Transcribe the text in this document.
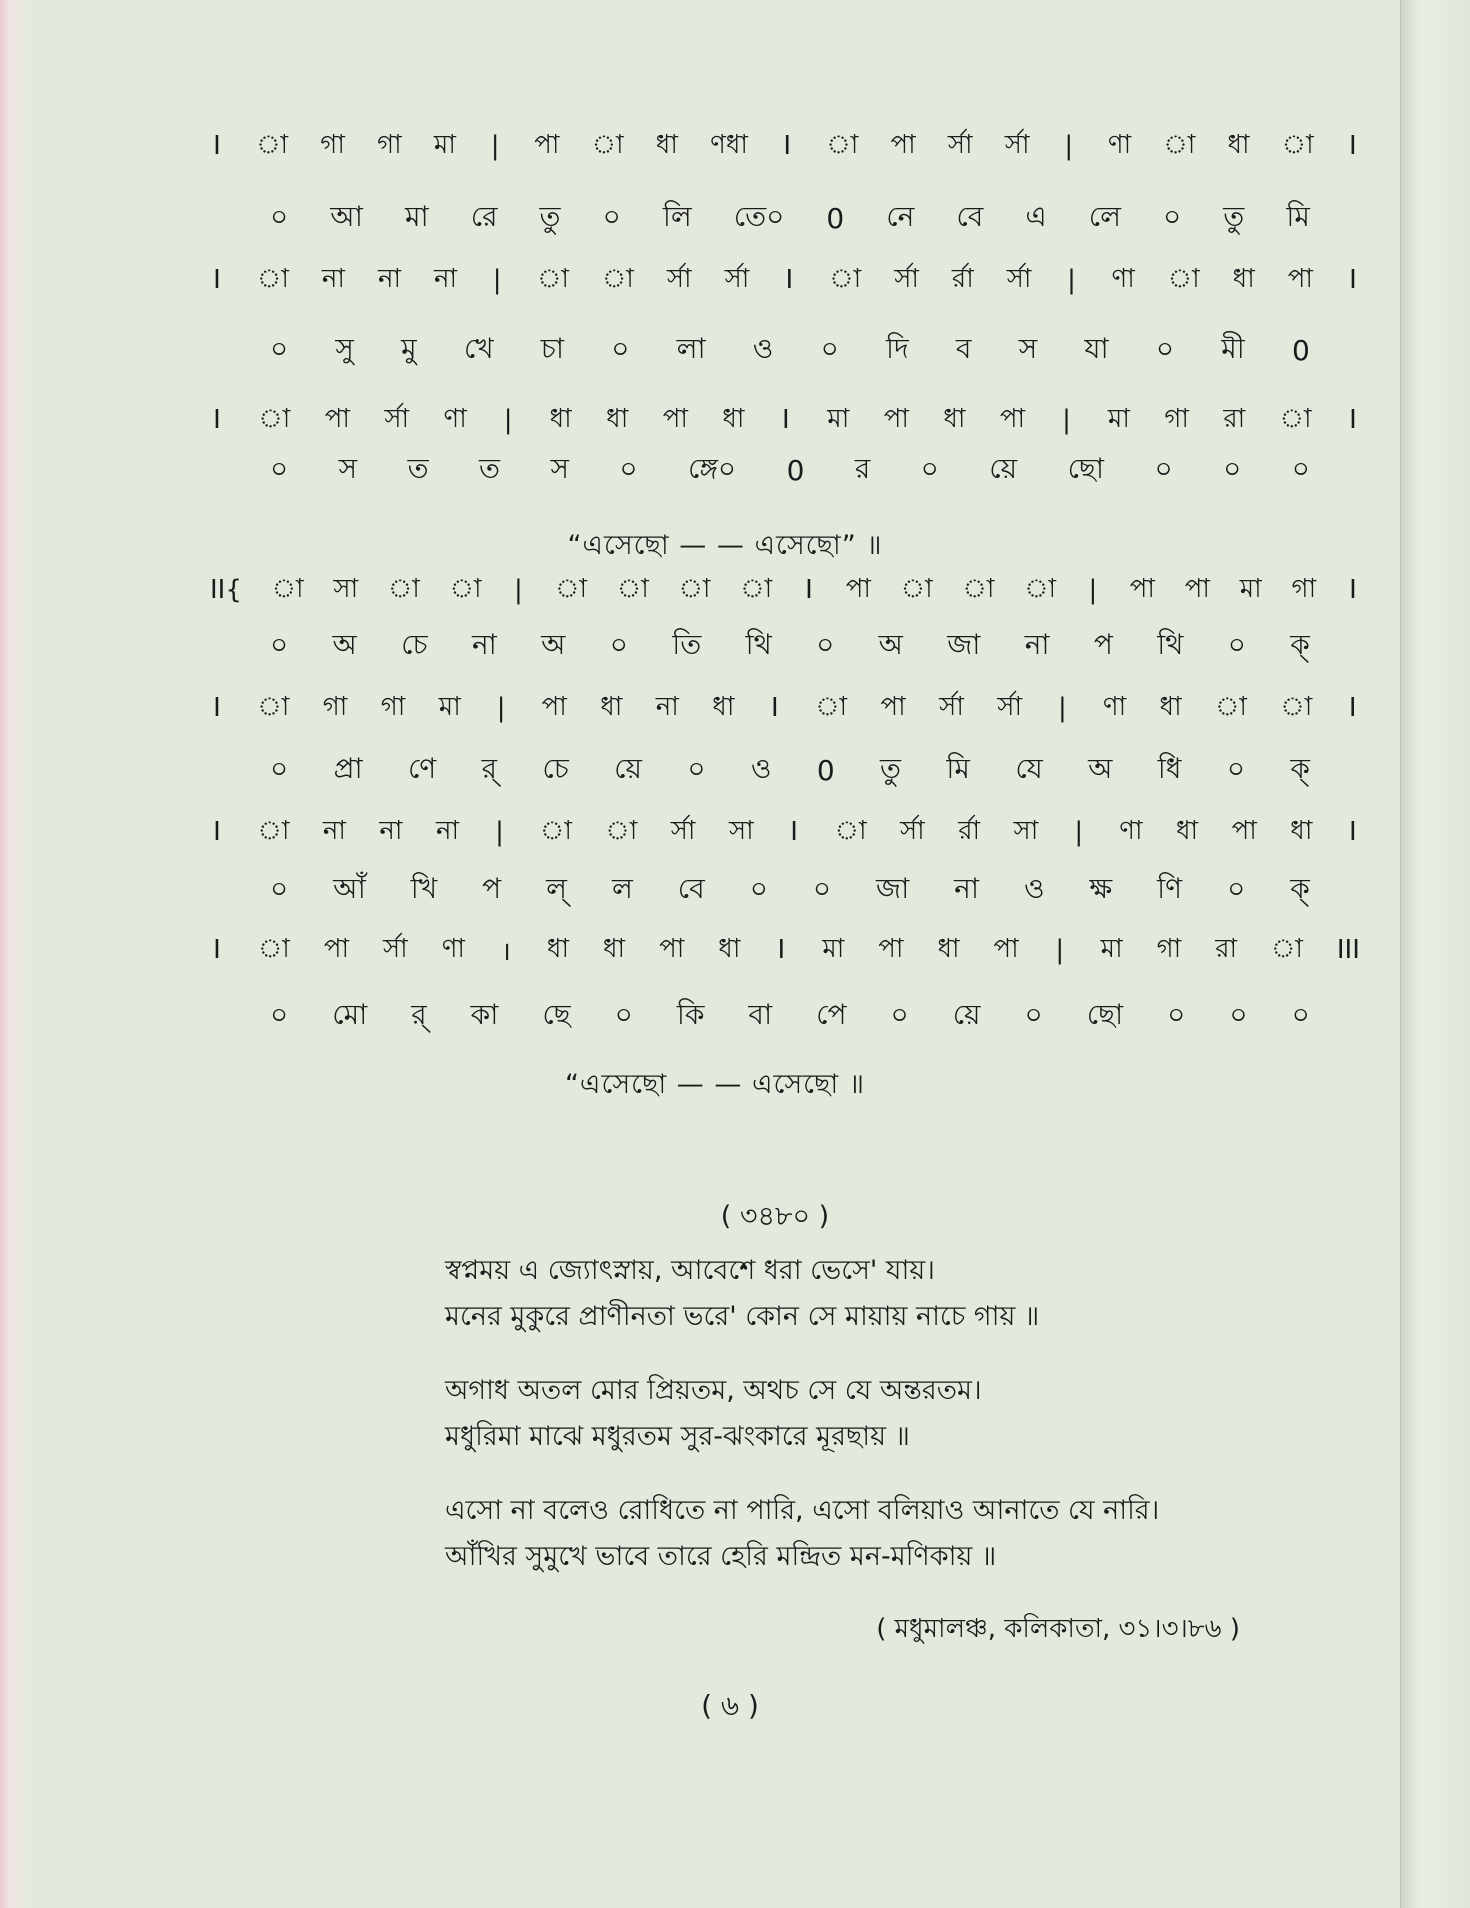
I া গা গা মা | পা া ধা ণধা I া পা র্সা র্সা | ণা া ধা া I
০ আ মা রে তু ০ লি তে০ 0 নে বে এ লে ০ তু মি
I া না না না | া া র্সা র্সা I া র্সা র্রা র্সা | ণা া ধা পা I
০ সু মু খে চা ০ লা ও ০ দি ব স যা ০ মী 0
I া পা র্সা ণা | ধা ধা পা ধা I মা পা ধা পা | মা গা রা া I
০ স ত ত স ০ ঙ্গে০ 0 র ০ য়ে ছো ০ ০ ০
“এসেছো — — এসেছো” ॥
II{ া সা া া | া া া া I পা া া া | পা পা মা গা I
০ অ চে না অ ০ তি থি ০ অ জা না প থি ০ ক্
I া গা গা মা | পা ধা না ধা I া পা র্সা র্সা | ণা ধা া া I
০ প্রা ণে র্ চে য়ে ০ ও 0 তু মি যে অ ধি ০ ক্
I া না না না | া া র্সা সা I া র্সা র্রা সা | ণা ধা পা ধা I
০ আঁ খি প ল্ ল বে ০ ০ জা না ও ক্ষ ণি ০ ক্
I া পা র্সা ণা । ধা ধা পা ধা I মা পা ধা পা | মা গা রা া III
০ মো র্ কা ছে ০ কি বা পে ০ য়ে ০ ছো ০ ০ ০
“এসেছো — — এসেছো ॥
( ৩৪৮০ )
স্বপ্নময় এ জ্যোৎস্নায়, আবেশে ধরা ভেসে' যায়।
মনের মুকুরে প্রাণীনতা ভরে' কোন সে মায়ায় নাচে গায় ॥
অগাধ অতল মোর প্রিয়তম, অথচ সে যে অন্তরতম।
মধুরিমা মাঝে মধুরতম সুর-ঝংকারে মূরছায় ॥
এসো না বলেও রোধিতে না পারি, এসো বলিয়াও আনাতে যে নারি।
আঁখির সুমুখে ভাবে তারে হেরি মন্দ্রিত মন-মণিকায় ॥
( মধুমালঞ্চ, কলিকাতা, ৩১।৩।৮৬ )
( ৬ )
